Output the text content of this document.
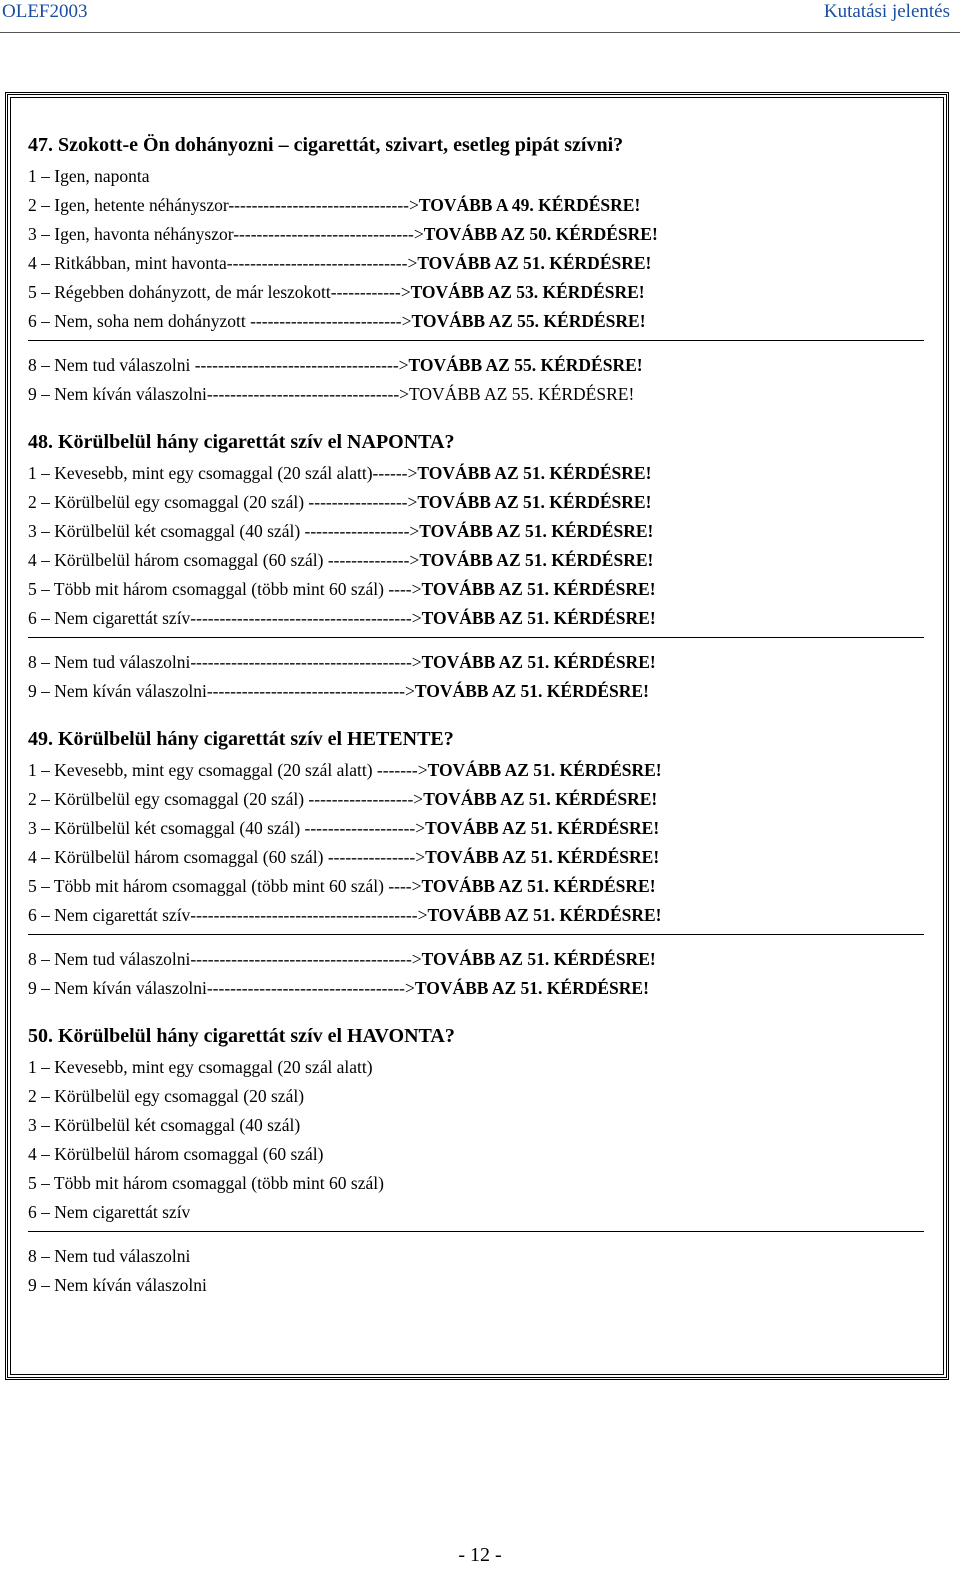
OLEF2003	Kutatási jelentés
47. Szokott-e Ön dohányozni – cigarettát, szivart, esetleg pipát szívni?
1 – Igen, naponta
2 – Igen, hetente néhányszor------------------------------->TOVÁBB A 49. KÉRDÉSRE!
3 – Igen, havonta néhányszor------------------------------->TOVÁBB AZ 50. KÉRDÉSRE!
4 – Ritkábban, mint havonta------------------------------->TOVÁBB AZ 51. KÉRDÉSRE!
5 – Régebben dohányzott, de már leszokott------------>TOVÁBB AZ 53. KÉRDÉSRE!
6 – Nem, soha nem dohányzott -------------------------->TOVÁBB AZ 55. KÉRDÉSRE!
8 – Nem tud válaszolni ----------------------------------->TOVÁBB AZ 55. KÉRDÉSRE!
9 – Nem kíván válaszolni--------------------------------->TOVÁBB AZ 55. KÉRDÉSRE!
48. Körülbelül hány cigarettát szív el NAPONTA?
1 – Kevesebb, mint egy csomaggal (20 szál alatt)------>TOVÁBB AZ 51. KÉRDÉSRE!
2 – Körülbelül egy csomaggal (20 szál) ----------------->TOVÁBB AZ 51. KÉRDÉSRE!
3 – Körülbelül két csomaggal (40 szál) ------------------>TOVÁBB AZ 51. KÉRDÉSRE!
4 – Körülbelül három csomaggal (60 szál) -------------->TOVÁBB AZ 51. KÉRDÉSRE!
5 – Több mit három csomaggal (több mint 60 szál) ---->TOVÁBB AZ 51. KÉRDÉSRE!
6 – Nem cigarettát szív-------------------------------------->TOVÁBB AZ 51. KÉRDÉSRE!
8 – Nem tud válaszolni-------------------------------------->TOVÁBB AZ 51. KÉRDÉSRE!
9 – Nem kíván válaszolni---------------------------------->TOVÁBB AZ 51. KÉRDÉSRE!
49. Körülbelül hány cigarettát szív el HETENTE?
1 – Kevesebb, mint egy csomaggal (20 szál alatt) ------->TOVÁBB AZ 51. KÉRDÉSRE!
2 – Körülbelül egy csomaggal (20 szál) ------------------>TOVÁBB AZ 51. KÉRDÉSRE!
3 – Körülbelül két csomaggal (40 szál) ------------------->TOVÁBB AZ 51. KÉRDÉSRE!
4 – Körülbelül három csomaggal (60 szál) --------------->TOVÁBB AZ 51. KÉRDÉSRE!
5 – Több mit három csomaggal (több mint 60 szál) ---->TOVÁBB AZ 51. KÉRDÉSRE!
6 – Nem cigarettát szív--------------------------------------->TOVÁBB AZ 51. KÉRDÉSRE!
8 – Nem tud válaszolni-------------------------------------->TOVÁBB AZ 51. KÉRDÉSRE!
9 – Nem kíván válaszolni---------------------------------->TOVÁBB AZ 51. KÉRDÉSRE!
50. Körülbelül hány cigarettát szív el HAVONTA?
1 – Kevesebb, mint egy csomaggal (20 szál alatt)
2 – Körülbelül egy csomaggal (20 szál)
3 – Körülbelül két csomaggal (40 szál)
4 – Körülbelül három csomaggal (60 szál)
5 – Több mit három csomaggal (több mint 60 szál)
6 – Nem cigarettát szív
8 – Nem tud válaszolni
9 – Nem kíván válaszolni
- 12 -
